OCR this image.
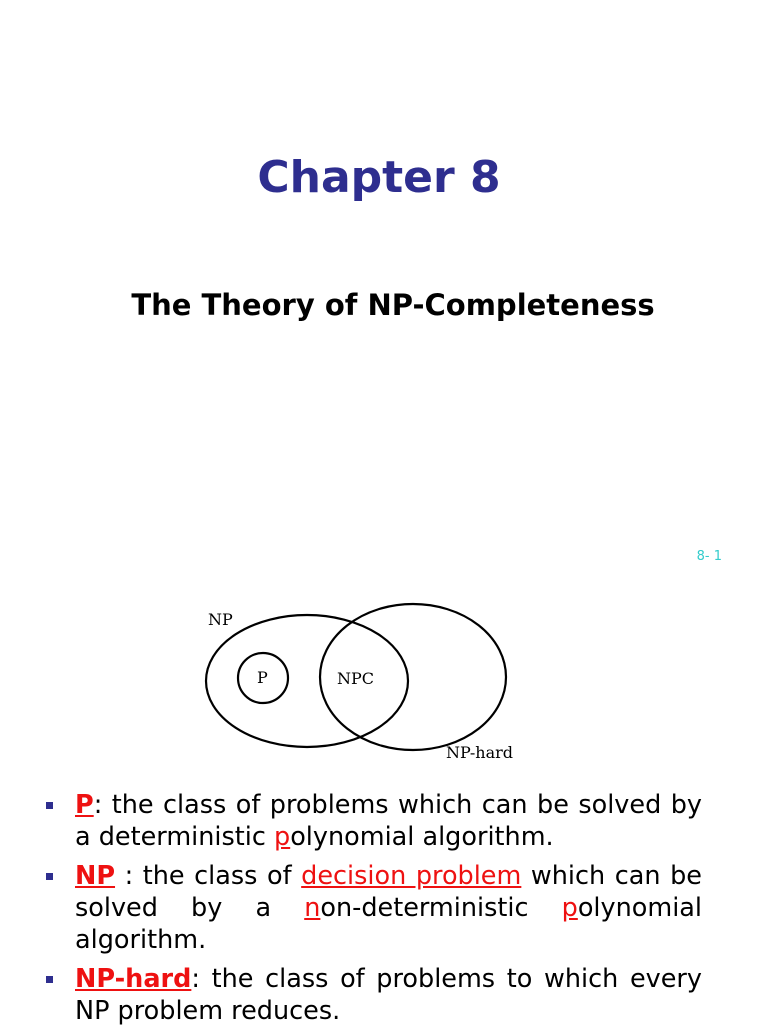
Chapter 8
The Theory of NP-Completeness
8- 1
NP
P	NPC
NP-hard
P: the class of problems which can be solved by a deterministic polynomial algorithm.
NP : the class of decision problem which can be solved by a non-deterministic polynomial algorithm.
NP-hard: the class of problems to which every NP problem reduces.
